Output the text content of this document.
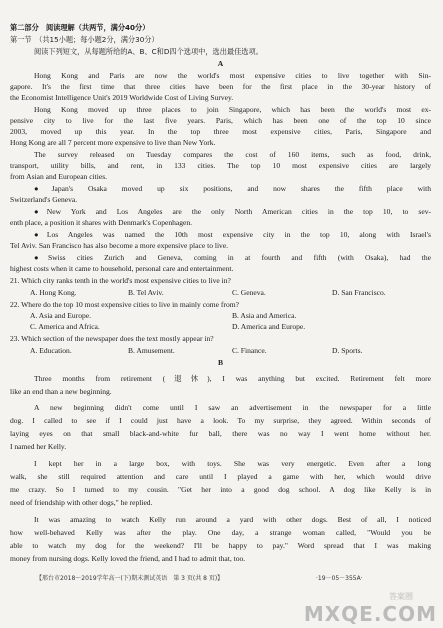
第二部分　阅读理解（共两节，满分40分）
第一节　（共15小题；每小题2分，满分30分）
阅读下列短文，从每题所给的A、B、C和D四个选项中，选出最佳选项。
A
Hong Kong and Paris are now the world's most expensive cities to live together with Sin-
gapore. It's the first time that three cities have been for the first place in the 30-year history of
the Economist Intelligence Unit's 2019 Worldwide Cost of Living Survey.
Hong Kong moved up three places to join Singapore, which has been the world's most ex-
pensive city to live for the last five years. Paris, which has been one of the top 10 since
2003, moved up this year. In the top three most expensive cities, Paris, Singapore and
Hong Kong are all 7 percent more expensive to live than New York.
The survey released on Tuesday compares the cost of 160 items, such as food, drink,
transport, utility bills, and rent, in 133 cities. The top 10 most expensive cities are largely
from Asian and European cities.
●Japan's Osaka moved up six positions, and now shares the fifth place with
Switzerland's Geneva.
●New York and Los Angeles are the only North American cities in the top 10, to sev-
enth place, a position it shares with Denmark's Copenhagen.
●Los Angeles was named the 10th most expensive city in the top 10, along with Israel's
Tel Aviv. San Francisco has also become a more expensive place to live.
●Swiss cities Zurich and Geneva, coming in at fourth and fifth (with Osaka), had the
highest costs when it came to household, personal care and entertainment.
21. Which city ranks tenth in the world's most expensive cities to live in?
A. Hong Kong.	B. Tel Aviv.	C. Geneva.	D. San Francisco.
22. Where do the top 10 most expensive cities to live in mainly come from?
A. Asia and Europe.	B. Asia and America.
C. America and Africa.	D. America and Europe.
23. Which section of the newspaper does the text mostly appear in?
A. Education.	B. Amusement.	C. Finance.	D. Sports.
B
Three months from retirement (退休), I was anything but excited. Retirement felt more
like an end than a new beginning.
A new beginning didn't come until I saw an advertisement in the newspaper for a little
dog. I called to see if I could just have a look. To my surprise, they agreed. Within seconds of
laying eyes on that small black-and-white fur ball, there was no way I went home without her.
I named her Kelly.
I kept her in a large box, with toys. She was very energetic. Even after a long
walk, she still required attention and care until I played a game with her, which would drive
me crazy. So I turned to my cousin. "Get her into a good dog school. A dog like Kelly is in
need of friendship with other dogs," he replied.
It was amazing to watch Kelly run around a yard with other dogs. Best of all, I noticed
how well-behaved Kelly was after the play. One day, a strange woman called, "Would you be
able to watch my dog for the weekend? I'll be happy to pay." Word spread that I was making
money from nursing dogs. Kelly loved the friend, and I had to admit that, too.
【邢台市2018～2019学年高一(下)期末测试英语　第 3 页(共 8 页)】	·19－05－355A·
答案圈
MXQE.COM
